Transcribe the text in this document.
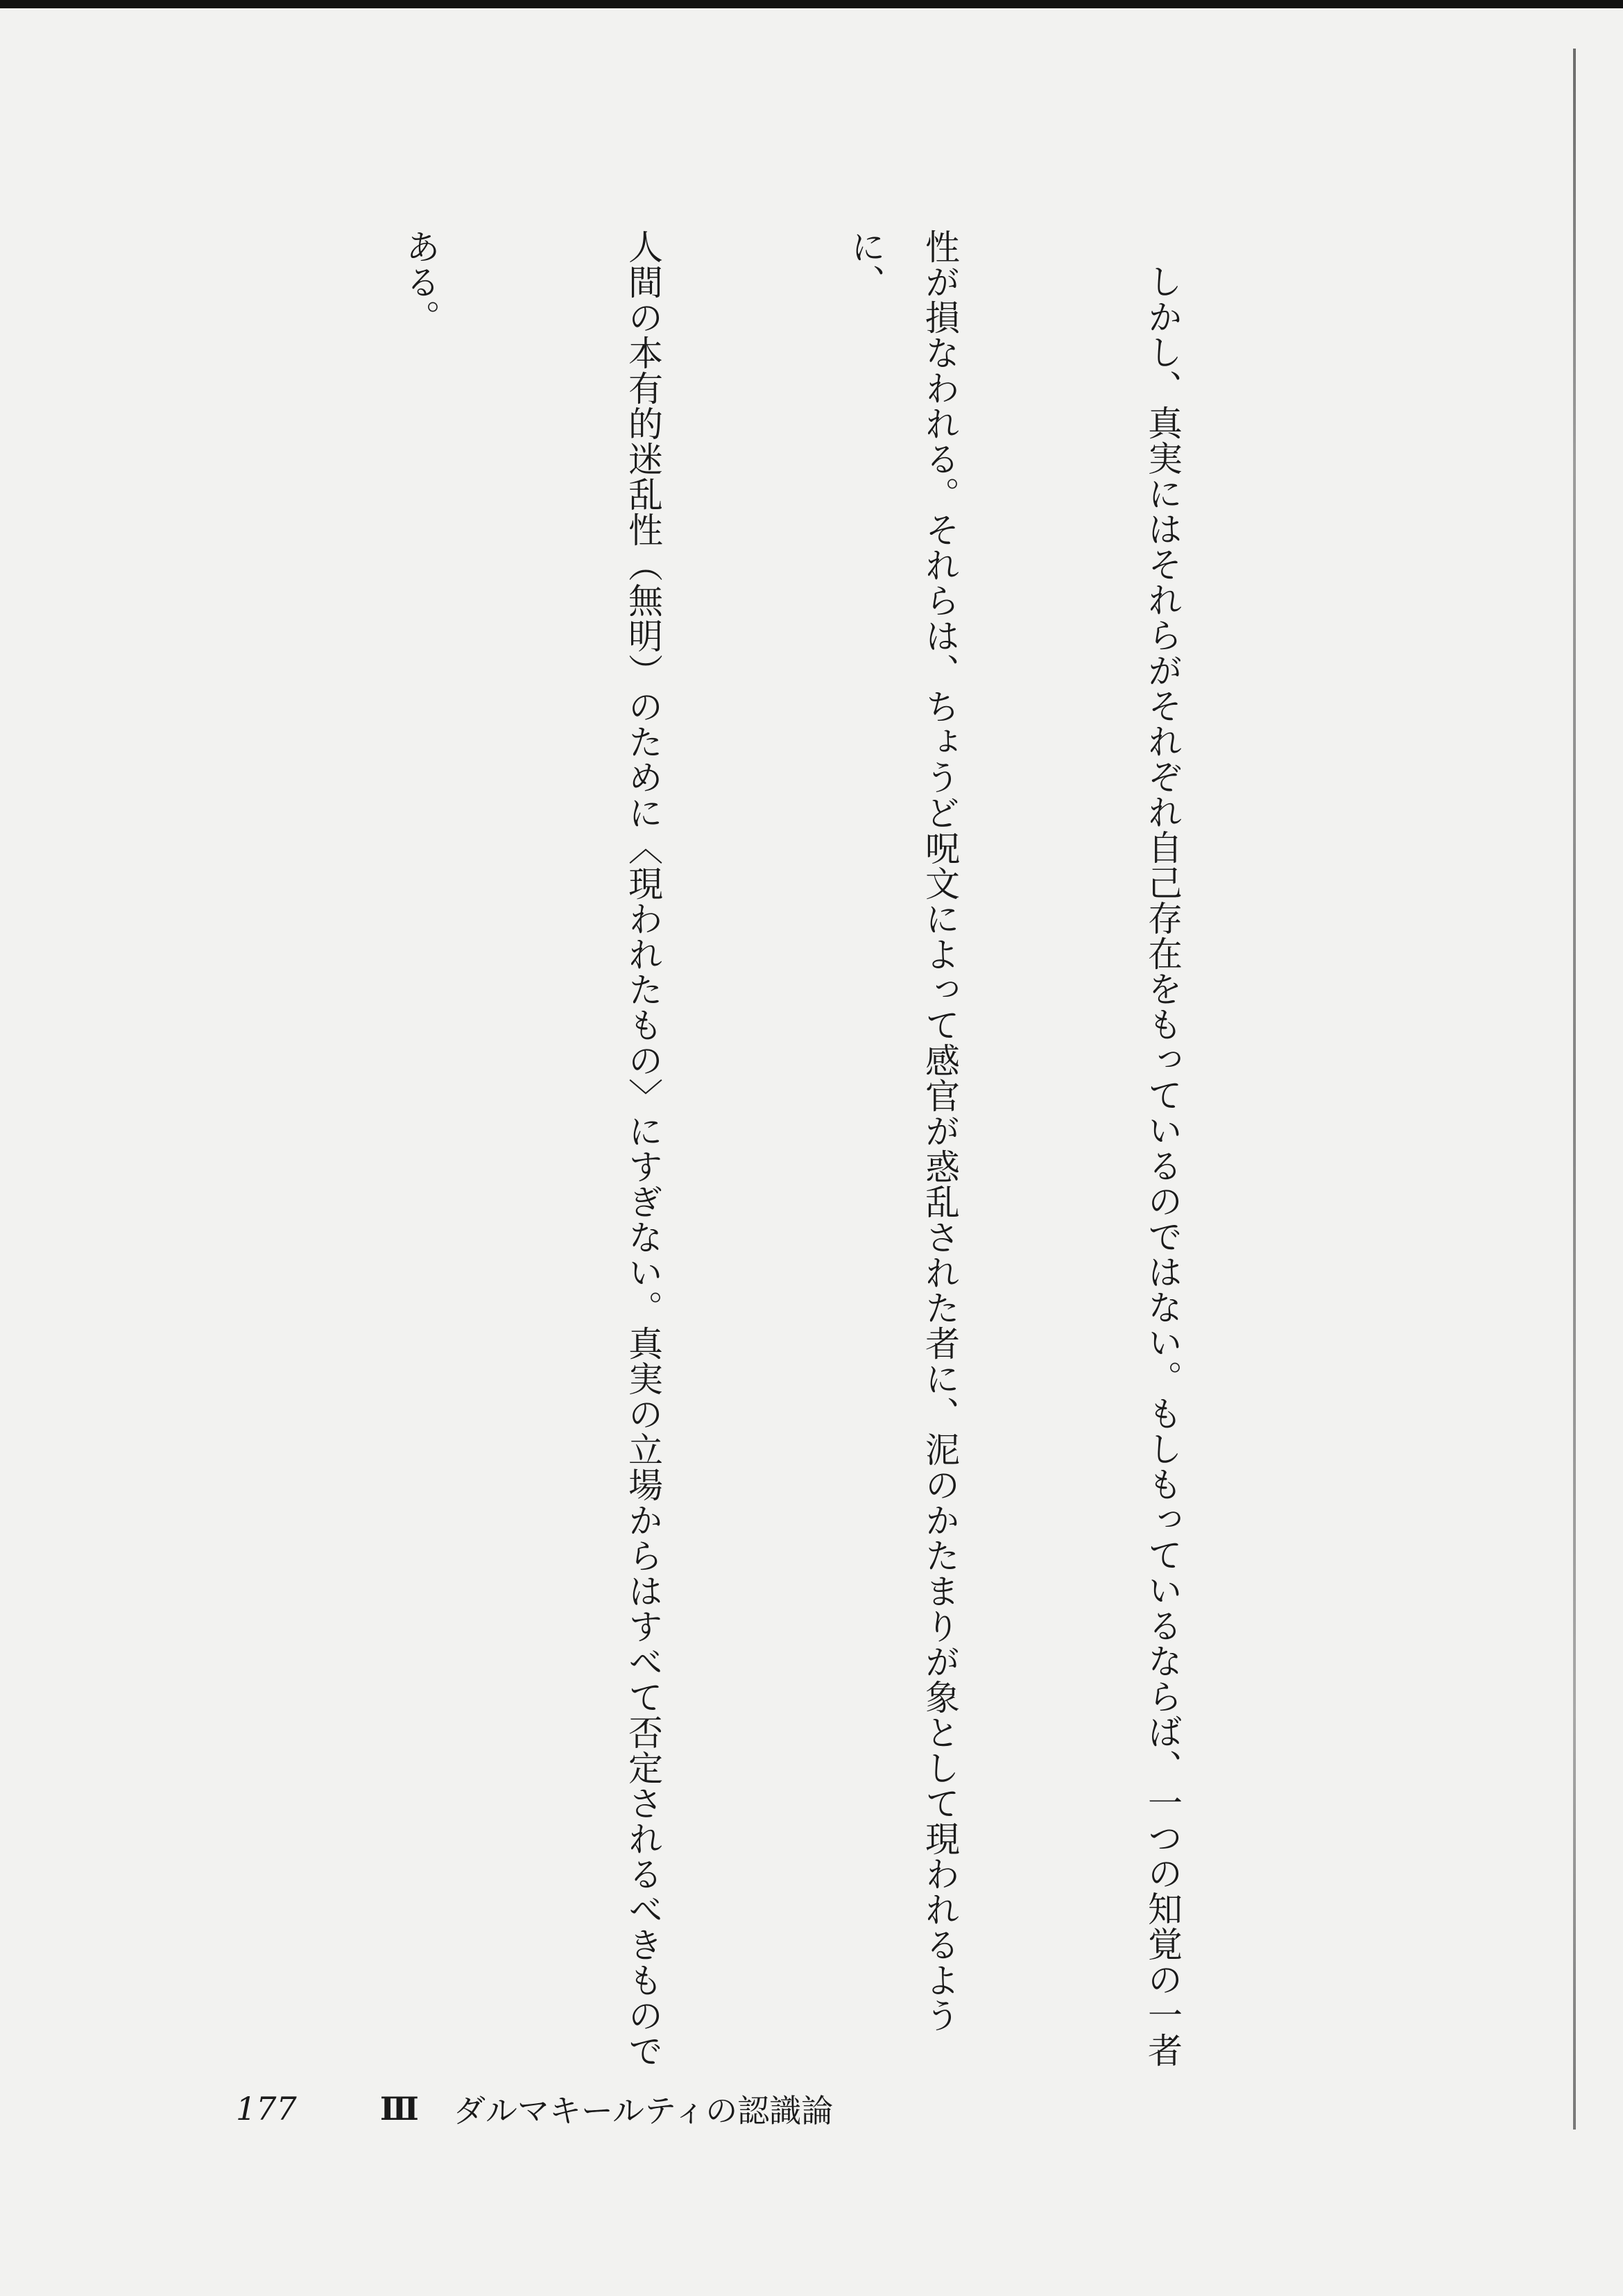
しかし、真実にはそれらがそれぞれ自己存在をもっているのではない。もしもっているならば、一つの知覚の一者

性が損なわれる。それらは、ちょうど呪文によって感官が惑乱された者に、泥のかたまりが象として現われるように、

人間の本有的迷乱性（無明）のために〈現われたもの〉にすぎない。真実の立場からはすべて否定されるべきもので

ある。

177	Ⅲ ダルマキールティの認識論
